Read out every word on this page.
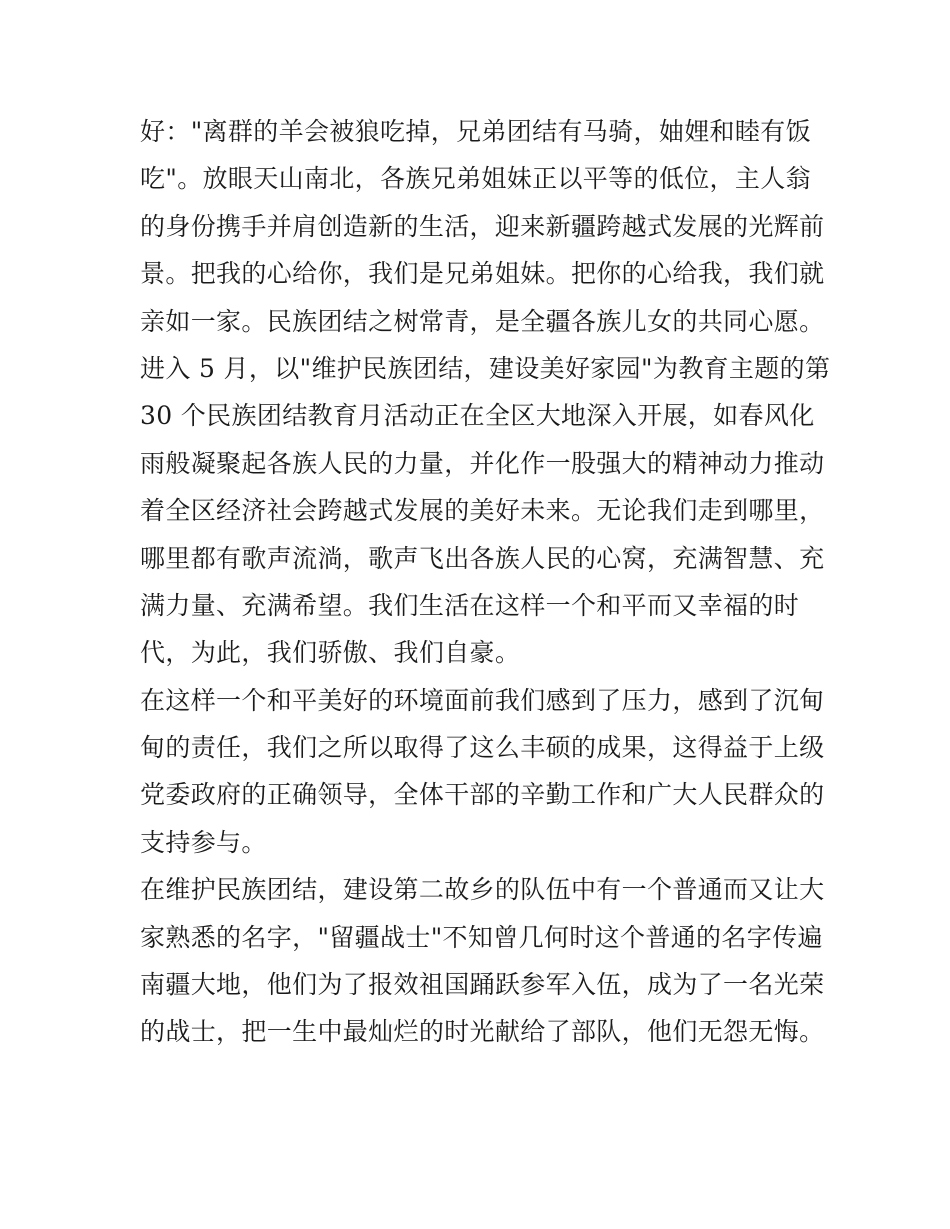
好："离群的羊会被狼吃掉，兄弟团结有马骑，妯娌和睦有饭
吃"。放眼天山南北，各族兄弟姐妹正以平等的低位，主人翁
的身份携手并肩创造新的生活，迎来新疆跨越式发展的光辉前
景。把我的心给你，我们是兄弟姐妹。把你的心给我，我们就
亲如一家。民族团结之树常青，是全疆各族儿女的共同心愿。
进入 5 月，以"维护民族团结，建设美好家园"为教育主题的第
30 个民族团结教育月活动正在全区大地深入开展，如春风化
雨般凝聚起各族人民的力量，并化作一股强大的精神动力推动
着全区经济社会跨越式发展的美好未来。无论我们走到哪里，
哪里都有歌声流淌，歌声飞出各族人民的心窝，充满智慧、充
满力量、充满希望。我们生活在这样一个和平而又幸福的时
代，为此，我们骄傲、我们自豪。
在这样一个和平美好的环境面前我们感到了压力，感到了沉甸
甸的责任，我们之所以取得了这么丰硕的成果，这得益于上级
党委政府的正确领导，全体干部的辛勤工作和广大人民群众的
支持参与。
在维护民族团结，建设第二故乡的队伍中有一个普通而又让大
家熟悉的名字，"留疆战士"不知曾几何时这个普通的名字传遍
南疆大地，他们为了报效祖国踊跃参军入伍，成为了一名光荣
的战士，把一生中最灿烂的时光献给了部队，他们无怨无悔。
